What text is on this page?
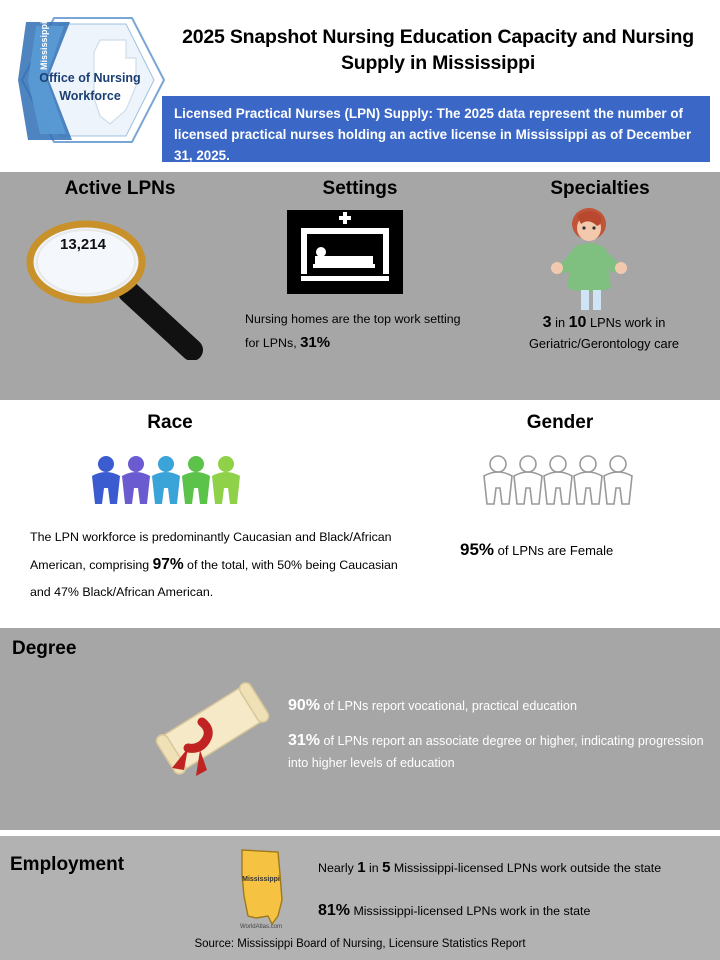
Mississippi
Office of Nursing
Workforce
2025 Snapshot Nursing Education Capacity and Nursing Supply in Mississippi
Licensed Practical Nurses (LPN) Supply: The 2025 data represent the number of licensed practical nurses holding an active license in Mississippi as of December 31, 2025.
Active LPNs
13,214
Settings
Nursing homes are the top work setting for LPNs, 31%
Specialties
3 in 10 LPNs work in Geriatric/Gerontology care
Race	Gender
The LPN workforce is predominantly Caucasian and Black/African American, comprising 97% of the total, with 50% being Caucasian and 47% Black/African American.
95% of LPNs are Female
Degree
90% of LPNs report vocational, practical education
31% of LPNs report an associate degree or higher, indicating progression into higher levels of education
Employment
Mississippi
WorldAtlas.com
Nearly 1 in 5 Mississippi-licensed LPNs work outside the state
81% Mississippi-licensed LPNs work in the state
Source: Mississippi Board of Nursing, Licensure Statistics Report
